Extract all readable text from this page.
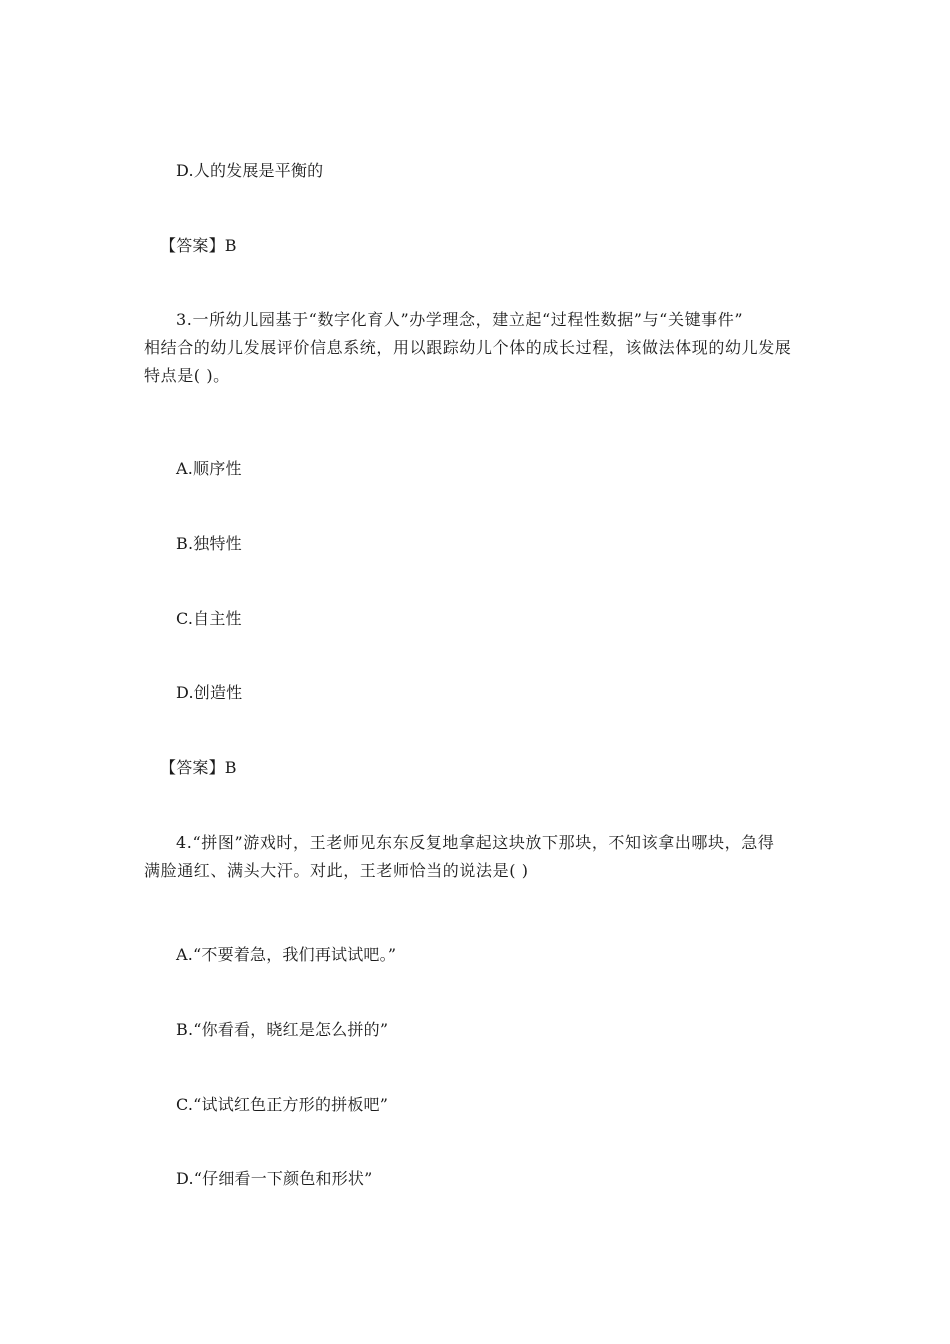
D.人的发展是平衡的
【答案】B
3.一所幼儿园基于“数字化育人”办学理念，建立起“过程性数据”与“关键事件”
相结合的幼儿发展评价信息系统，用以跟踪幼儿个体的成长过程，该做法体现的幼儿发展
特点是( )。
A.顺序性
B.独特性
C.自主性
D.创造性
【答案】B
4.“拼图”游戏时，王老师见东东反复地拿起这块放下那块，不知该拿出哪块，急得
满脸通红、满头大汗。对此，王老师恰当的说法是( )
A.“不要着急，我们再试试吧。”
B.“你看看，晓红是怎么拼的”
C.“试试红色正方形的拼板吧”
D.“仔细看一下颜色和形状”
